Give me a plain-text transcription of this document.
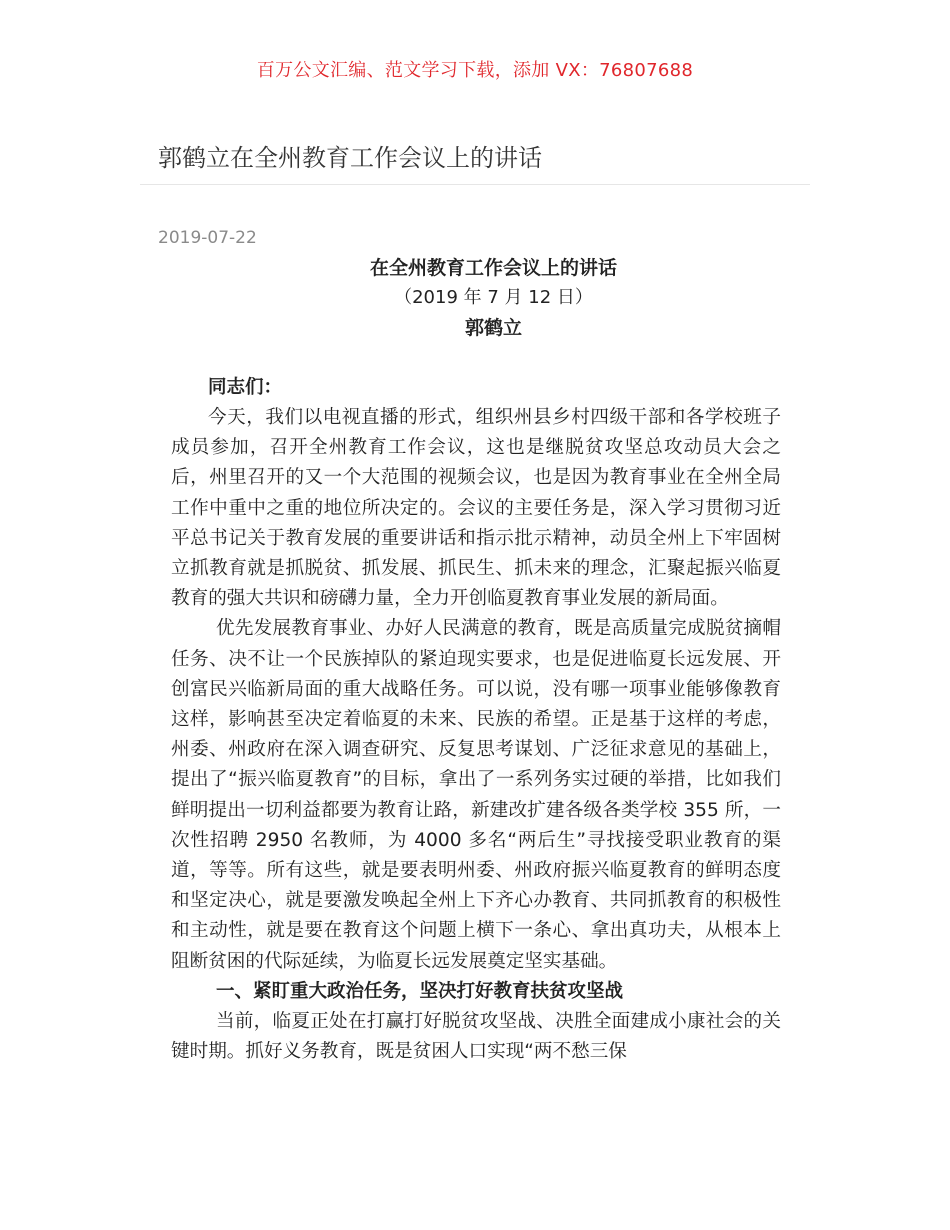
百万公文汇编、范文学习下载，添加 VX：76807688
郭鹤立在全州教育工作会议上的讲话
2019-07-22

在全州教育工作会议上的讲话

（2019 年 7 月 12 日）

郭鹤立

同志们：

今天，我们以电视直播的形式，组织州县乡村四级干部和各学校班子成员参加，召开全州教育工作会议，这也是继脱贫攻坚总攻动员大会之后，州里召开的又一个大范围的视频会议，也是因为教育事业在全州全局工作中重中之重的地位所决定的。会议的主要任务是，深入学习贯彻习近平总书记关于教育发展的重要讲话和指示批示精神，动员全州上下牢固树立抓教育就是抓脱贫、抓发展、抓民生、抓未来的理念，汇聚起振兴临夏教育的强大共识和磅礴力量，全力开创临夏教育事业发展的新局面。

优先发展教育事业、办好人民满意的教育，既是高质量完成脱贫摘帽任务、决不让一个民族掉队的紧迫现实要求，也是促进临夏长远发展、开创富民兴临新局面的重大战略任务。可以说，没有哪一项事业能够像教育这样，影响甚至决定着临夏的未来、民族的希望。正是基于这样的考虑，州委、州政府在深入调查研究、反复思考谋划、广泛征求意见的基础上，提出了“振兴临夏教育”的目标，拿出了一系列务实过硬的举措，比如我们鲜明提出一切利益都要为教育让路，新建改扩建各级各类学校 355 所，一次性招聘 2950 名教师，为 4000 多名“两后生”寻找接受职业教育的渠道，等等。所有这些，就是要表明州委、州政府振兴临夏教育的鲜明态度和坚定决心，就是要激发唤起全州上下齐心办教育、共同抓教育的积极性和主动性，就是要在教育这个问题上横下一条心、拿出真功夫，从根本上阻断贫困的代际延续，为临夏长远发展奠定坚实基础。

一、紧盯重大政治任务，坚决打好教育扶贫攻坚战

当前，临夏正处在打赢打好脱贫攻坚战、决胜全面建成小康社会的关键时期。抓好义务教育，既是贫困人口实现“两不愁三保
